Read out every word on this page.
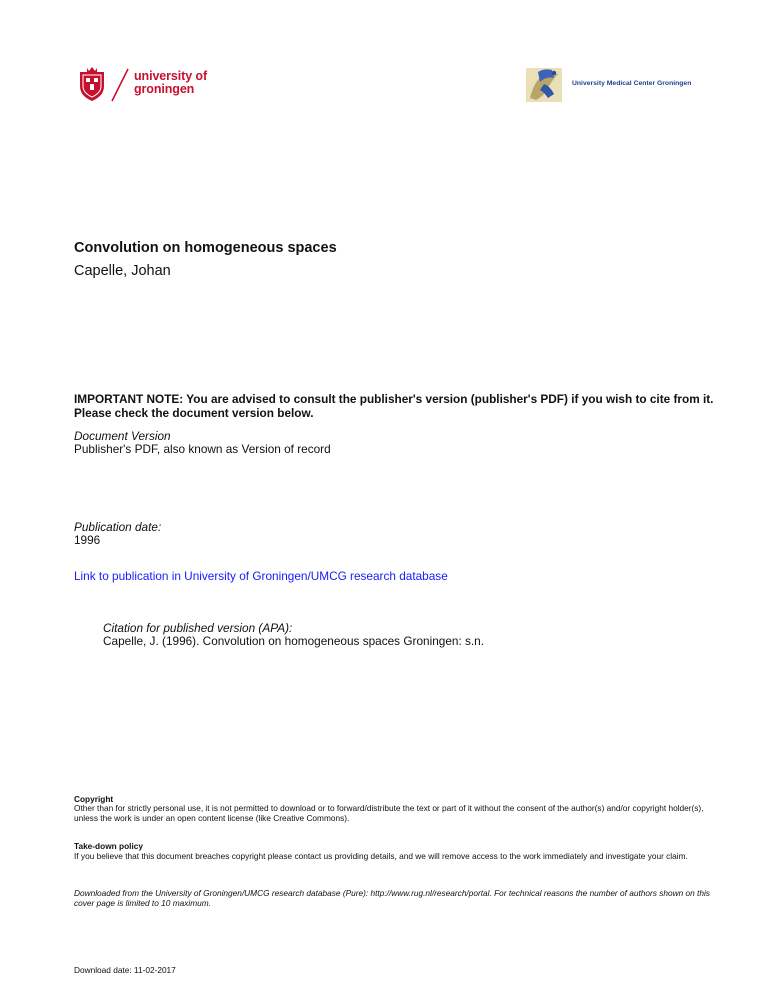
university of
groningen	University Medical Center Groningen
Convolution on homogeneous spaces
Capelle, Johan
IMPORTANT NOTE: You are advised to consult the publisher's version (publisher's PDF) if you wish to cite from it. Please check the document version below.
Document Version
Publisher's PDF, also known as Version of record
Publication date:
1996
Link to publication in University of Groningen/UMCG research database
Citation for published version (APA):
Capelle, J. (1996). Convolution on homogeneous spaces Groningen: s.n.
Copyright
Other than for strictly personal use, it is not permitted to download or to forward/distribute the text or part of it without the consent of the author(s) and/or copyright holder(s), unless the work is under an open content license (like Creative Commons).
Take-down policy
If you believe that this document breaches copyright please contact us providing details, and we will remove access to the work immediately and investigate your claim.
Downloaded from the University of Groningen/UMCG research database (Pure): http://www.rug.nl/research/portal. For technical reasons the number of authors shown on this cover page is limited to 10 maximum.
Download date: 11-02-2017
